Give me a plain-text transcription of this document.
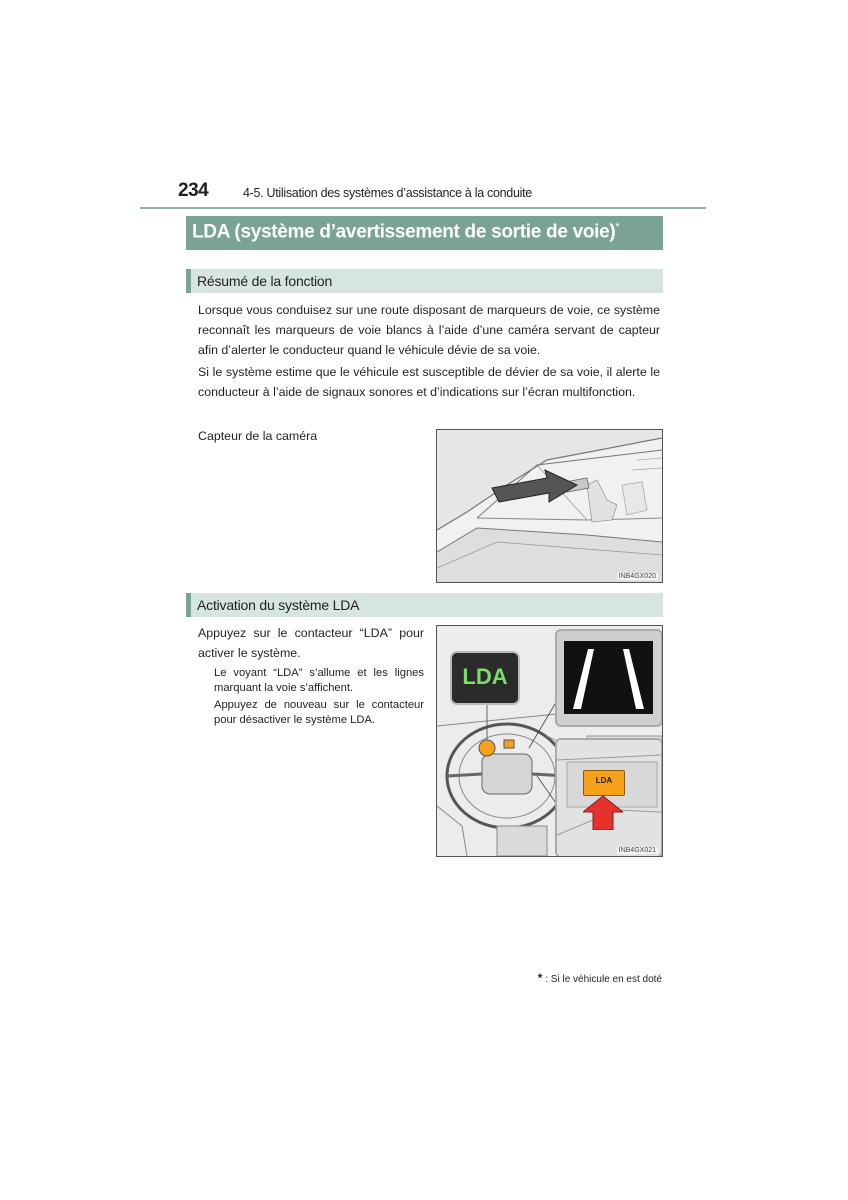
234	4-5. Utilisation des systèmes d’assistance à la conduite
LDA (système d’avertissement de sortie de voie)*
Résumé de la fonction
Lorsque vous conduisez sur une route disposant de marqueurs de voie, ce système reconnaît les marqueurs de voie blancs à l’aide d’une caméra servant de capteur afin d’alerter le conducteur quand le véhicule dévie de sa voie.
Si le système estime que le véhicule est susceptible de dévier de sa voie, il alerte le conducteur à l’aide de signaux sonores et d’indications sur l’écran multifonction.
Capteur de la caméra
INB4GX020
Activation du système LDA
Appuyez sur le contacteur “LDA” pour activer le système.
Le voyant “LDA” s’allume et les lignes marquant la voie s’affichent.
Appuyez de nouveau sur le contacteur pour désactiver le système LDA.
LDA
LDA
INB4GX021
* : Si le véhicule en est doté
